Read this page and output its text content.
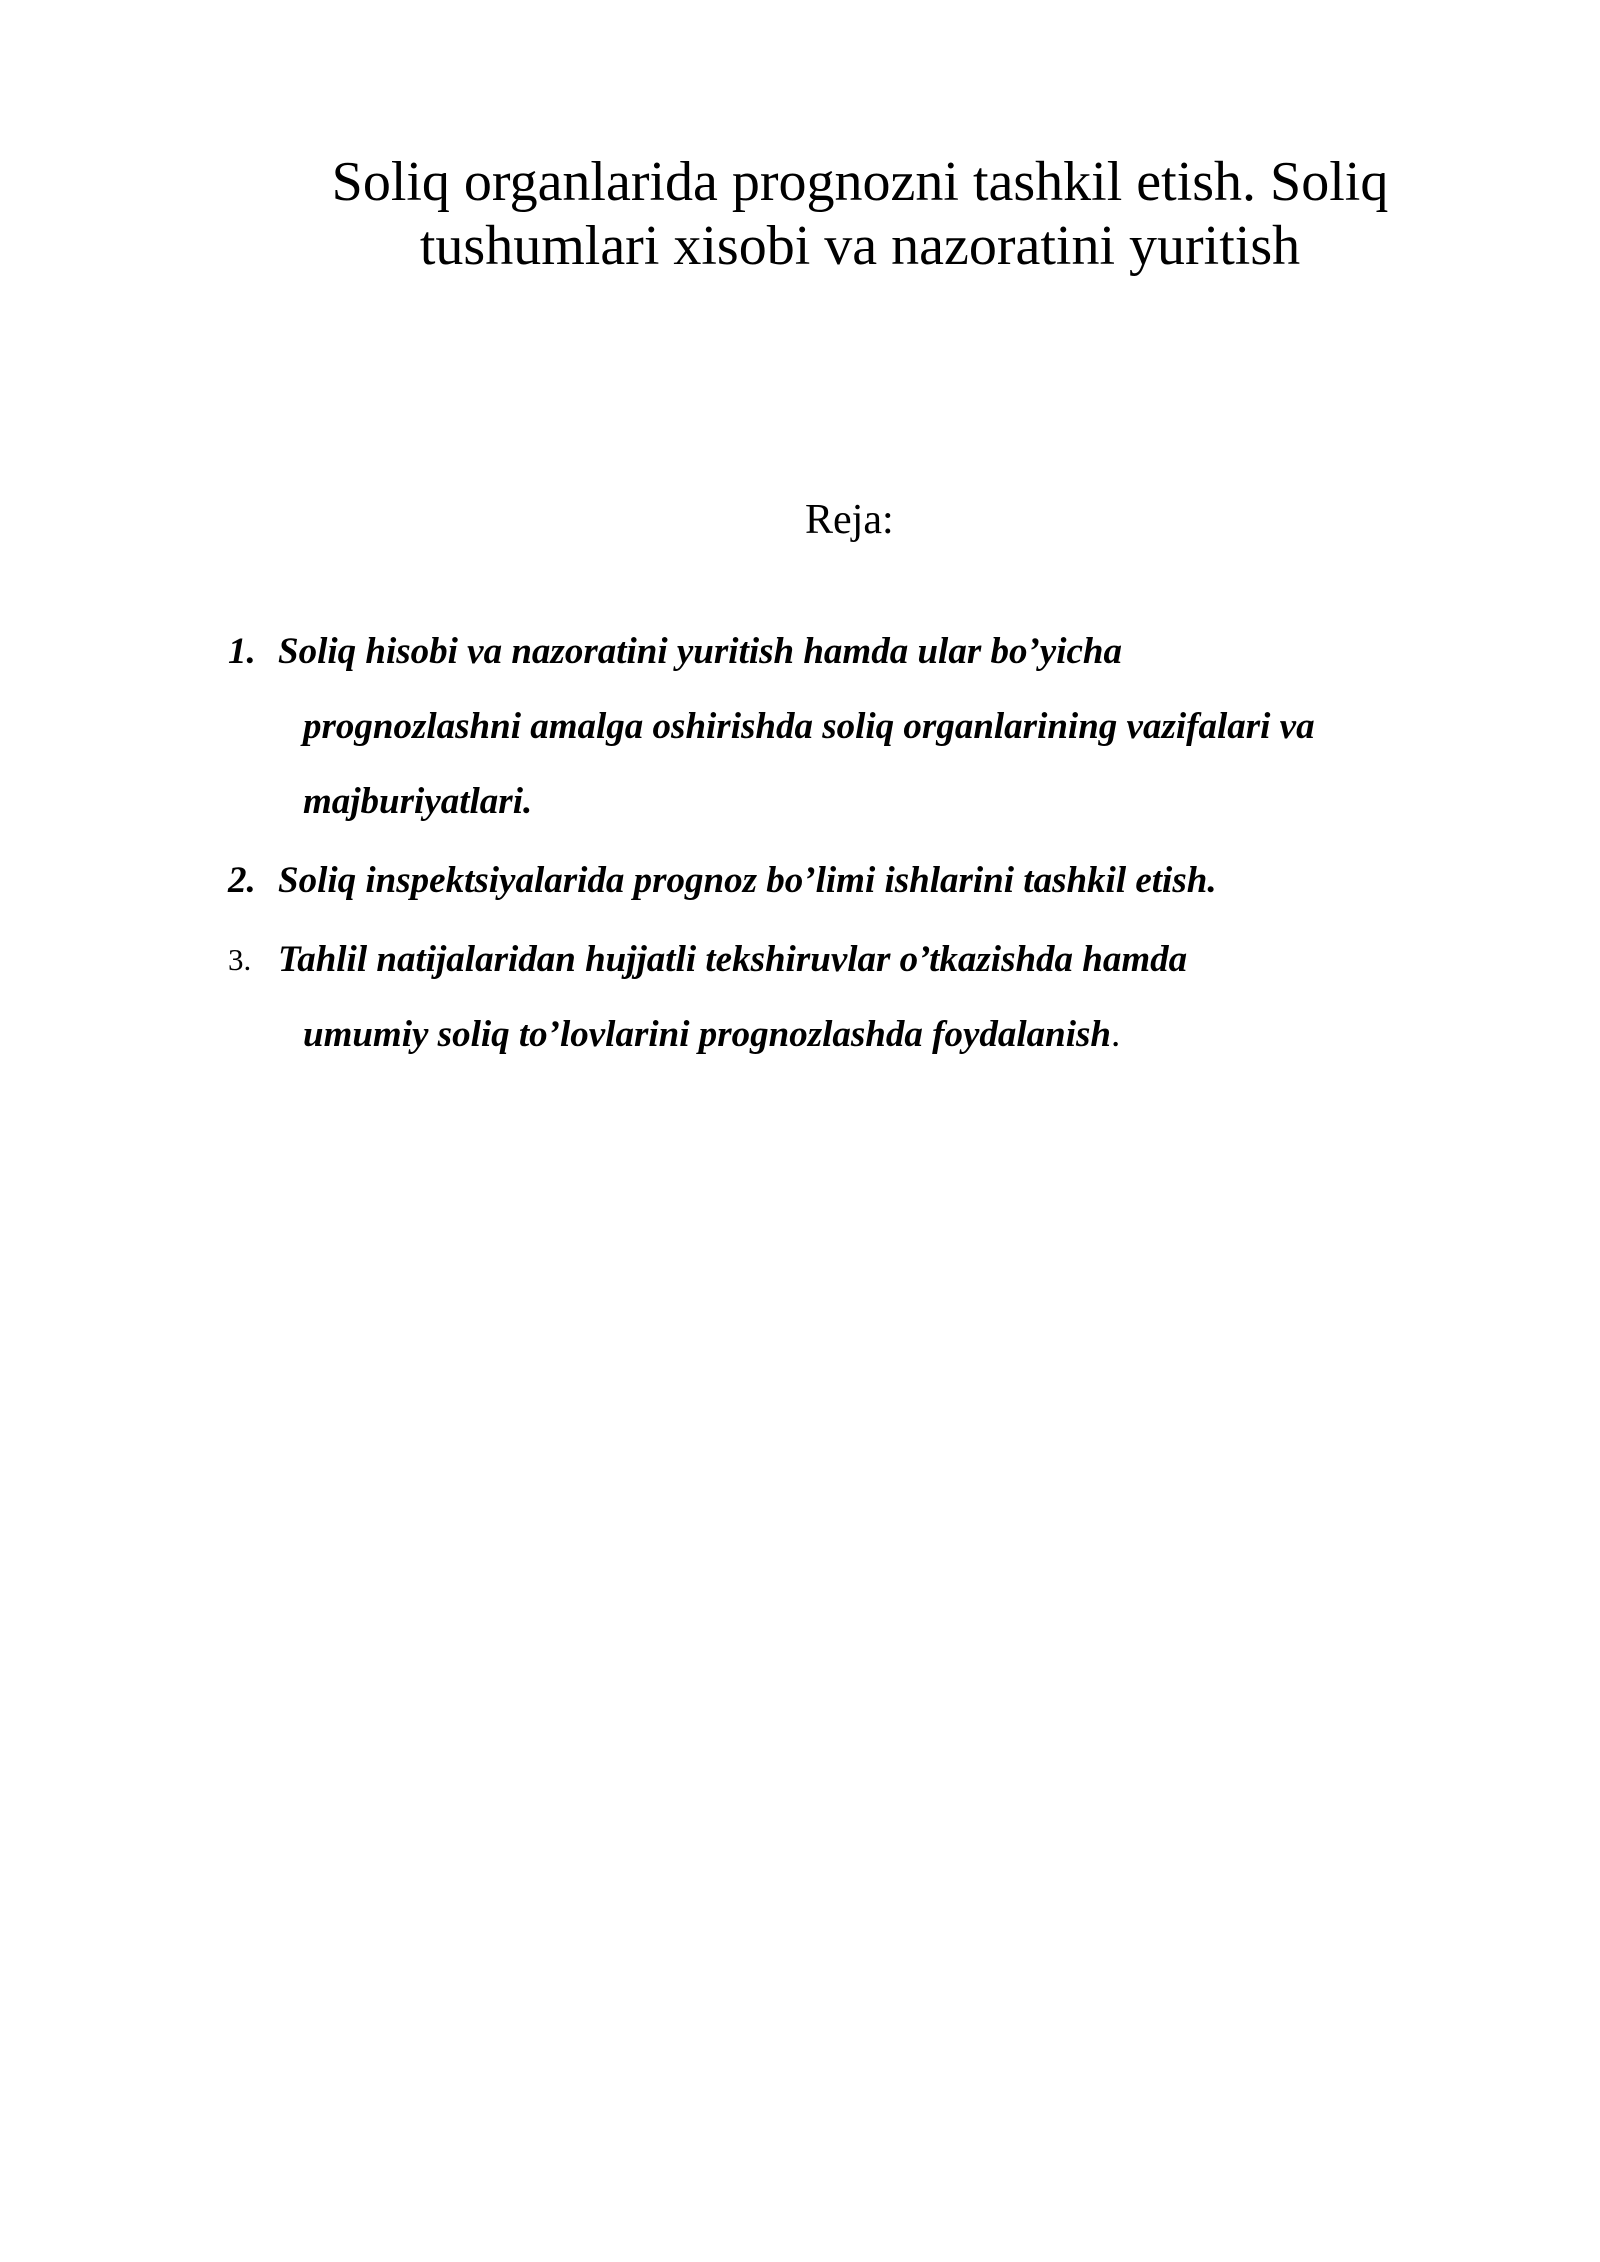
Soliq organlarida prognozni tashkil etish. Soliq
tushumlari xisobi va nazoratini yuritish
Reja:
1. Soliq hisobi va nazoratini yuritish hamda ular bo’yicha
prognozlashni amalga oshirishda soliq organlarining vazifalari va
majburiyatlari.
2. Soliq inspektsiyalarida prognoz bo’limi ishlarini tashkil etish.
3. Tahlil natijalaridan hujjatli tekshiruvlar o’tkazishda hamda
umumiy soliq to’lovlarini prognozlashda foydalanish.
